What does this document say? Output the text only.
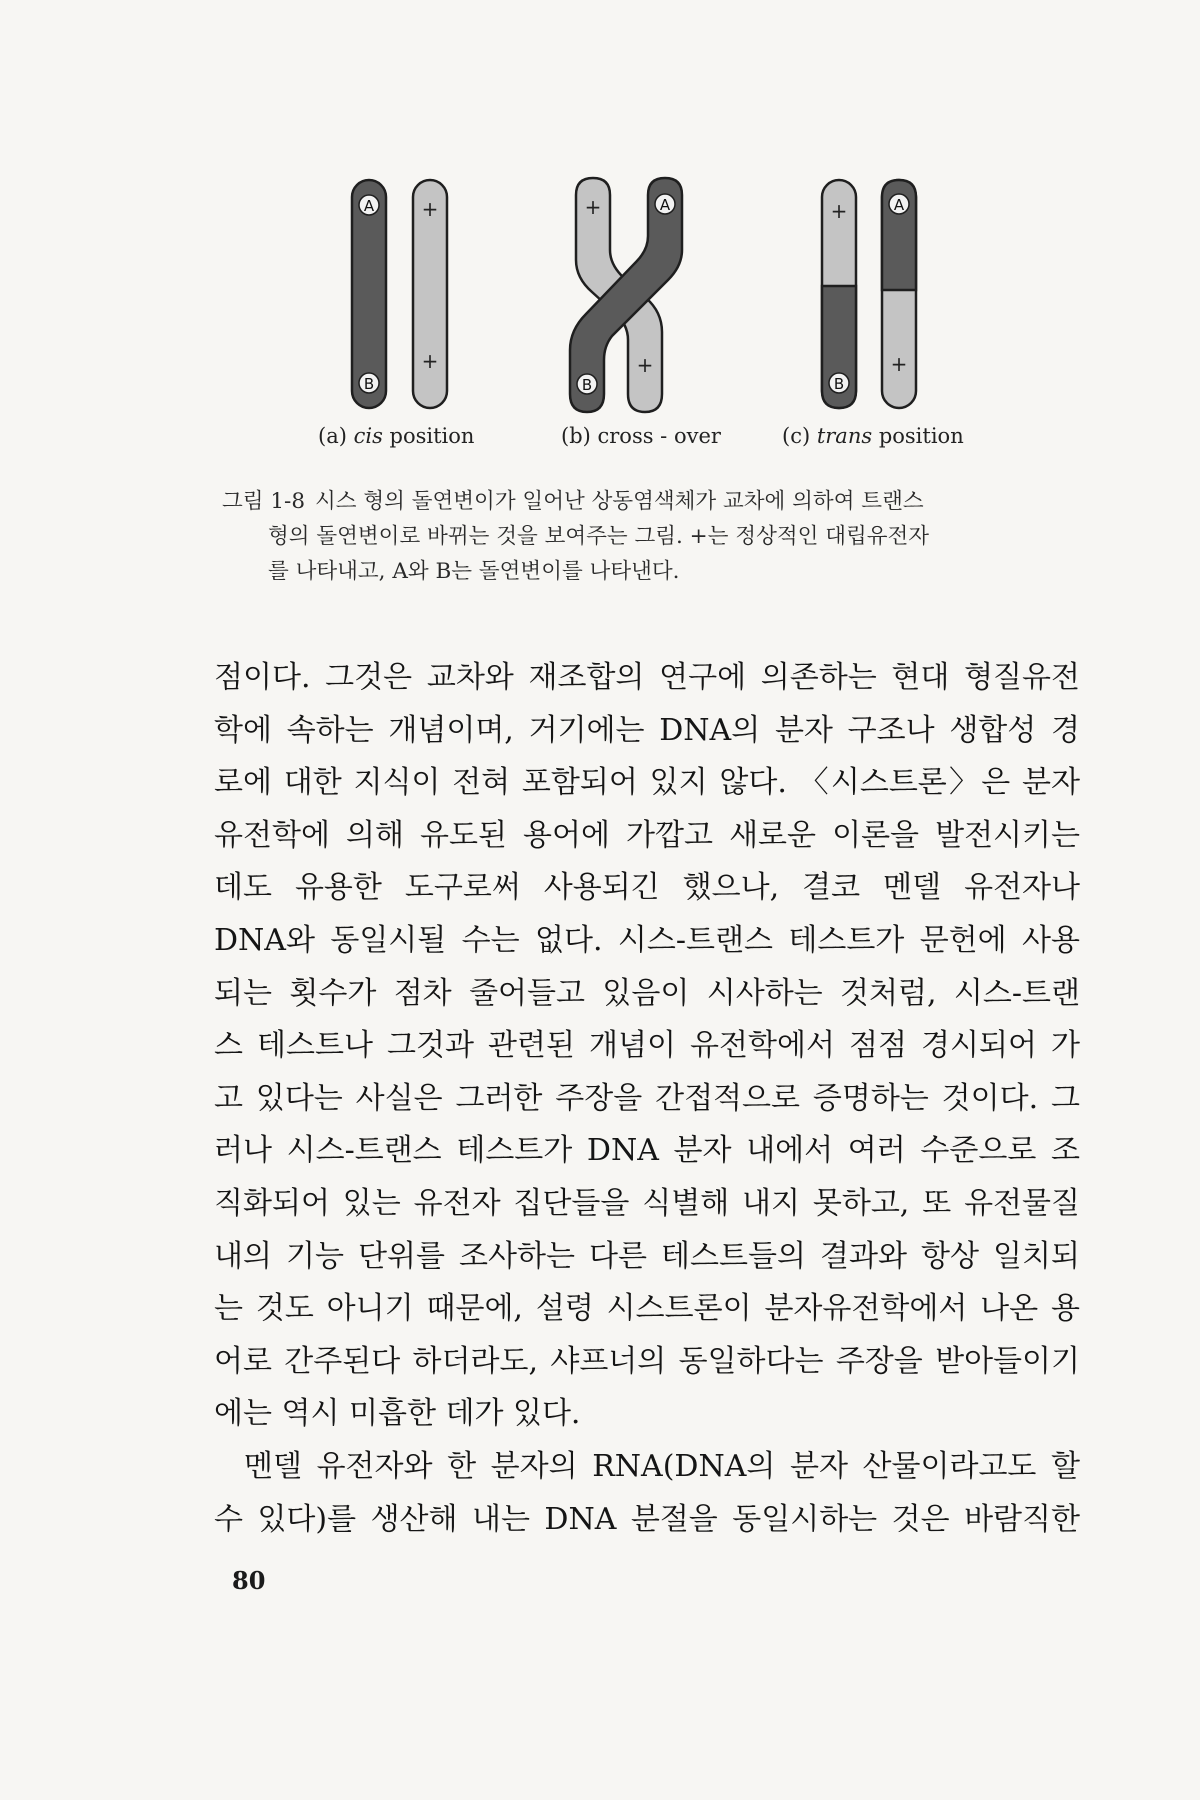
A
B
+
+
+	A
B
+
+	A
B
+
(a) cis position	(b) cross - over	(c) trans position
그림 1-8 시스 형의 돌연변이가 일어난 상동염색체가 교차에 의하여 트랜스
형의 돌연변이로 바뀌는 것을 보여주는 그림. +는 정상적인 대립유전자
를 나타내고, A와 B는 돌연변이를 나타낸다.
점이다. 그것은 교차와 재조합의 연구에 의존하는 현대 형질유전
학에 속하는 개념이며, 거기에는 DNA의 분자 구조나 생합성 경
로에 대한 지식이 전혀 포함되어 있지 않다. 〈시스트론〉은 분자
유전학에 의해 유도된 용어에 가깝고 새로운 이론을 발전시키는
데도 유용한 도구로써 사용되긴 했으나, 결코 멘델 유전자나
DNA와 동일시될 수는 없다. 시스-트랜스 테스트가 문헌에 사용
되는 횟수가 점차 줄어들고 있음이 시사하는 것처럼, 시스-트랜
스 테스트나 그것과 관련된 개념이 유전학에서 점점 경시되어 가
고 있다는 사실은 그러한 주장을 간접적으로 증명하는 것이다. 그
러나 시스-트랜스 테스트가 DNA 분자 내에서 여러 수준으로 조
직화되어 있는 유전자 집단들을 식별해 내지 못하고, 또 유전물질
내의 기능 단위를 조사하는 다른 테스트들의 결과와 항상 일치되
는 것도 아니기 때문에, 설령 시스트론이 분자유전학에서 나온 용
어로 간주된다 하더라도, 샤프너의 동일하다는 주장을 받아들이기
에는 역시 미흡한 데가 있다.
멘델 유전자와 한 분자의 RNA(DNA의 분자 산물이라고도 할
수 있다)를 생산해 내는 DNA 분절을 동일시하는 것은 바람직한
80
